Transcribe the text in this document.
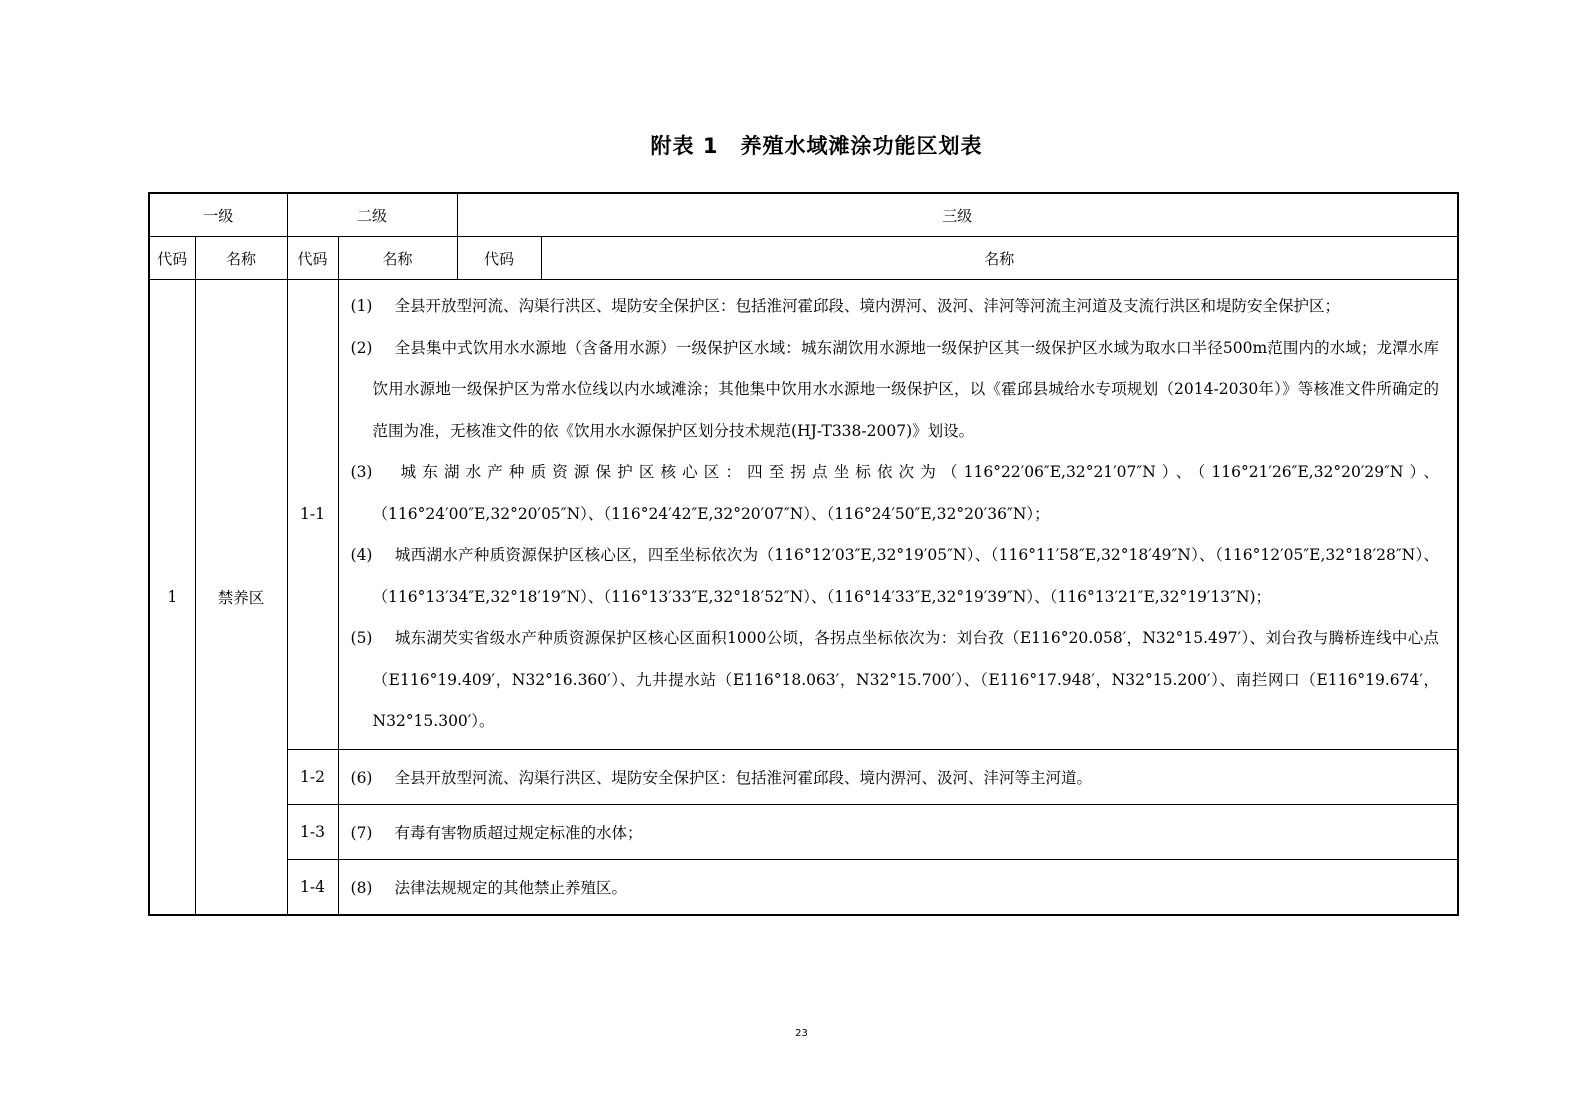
附表 1 养殖水域滩涂功能区划表
一级		二级		三级	
代码	名称	代码	名称	代码	名称
1	禁养区	1-1	(1) 全县开放型河流、沟渠行洪区、堤防安全保护区：包括淮河霍邱段、境内淠河、汲河、沣河等河流主河道及支流行洪区和堤防安全保护区；
(2) 全县集中式饮用水水源地（含备用水源）一级保护区水域：城东湖饮用水源地一级保护区其一级保护区水域为取水口半径500m范围内的水域；龙潭水库饮用水源地一级保护区为常水位线以内水域滩涂；其他集中饮用水水源地一级保护区，以《霍邱县城给水专项规划（2014-2030年）》等核准文件所确定的范围为准，无核准文件的依《饮用水水源保护区划分技术规范(HJ-T338-2007)》划设。
(3) 城东湖水产种质资源保护区核心区：四至拐点坐标依次为（116°22′06″E,32°21′07″N）、（116°21′26″E,32°20′29″N）、（116°24′00″E,32°20′05″N）、（116°24′42″E,32°20′07″N）、（116°24′50″E,32°20′36″N）；
(4) 城西湖水产种质资源保护区核心区，四至坐标依次为（116°12′03″E,32°19′05″N）、（116°11′58″E,32°18′49″N）、（116°12′05″E,32°18′28″N）、（116°13′34″E,32°18′19″N）、（116°13′33″E,32°18′52″N）、（116°14′33″E,32°19′39″N）、（116°13′21″E,32°19′13″N)；
(5) 城东湖芡实省级水产种质资源保护区核心区面积1000公顷，各拐点坐标依次为：刘台孜（E116°20.058′，N32°15.497′）、刘台孜与腾桥连线中心点（E116°19.409′，N32°16.360′）、九井提水站（E116°18.063′，N32°15.700′）、（E116°17.948′，N32°15.200′）、南拦网口（E116°19.674′，N32°15.300′）。		

		1-2	(6) 全县开放型河流、沟渠行洪区、堤防安全保护区：包括淮河霍邱段、境内淠河、汲河、沣河等主河道。		
		1-3	(7) 有毒有害物质超过规定标准的水体；		
		1-4	(8) 法律法规规定的其他禁止养殖区。		
23
